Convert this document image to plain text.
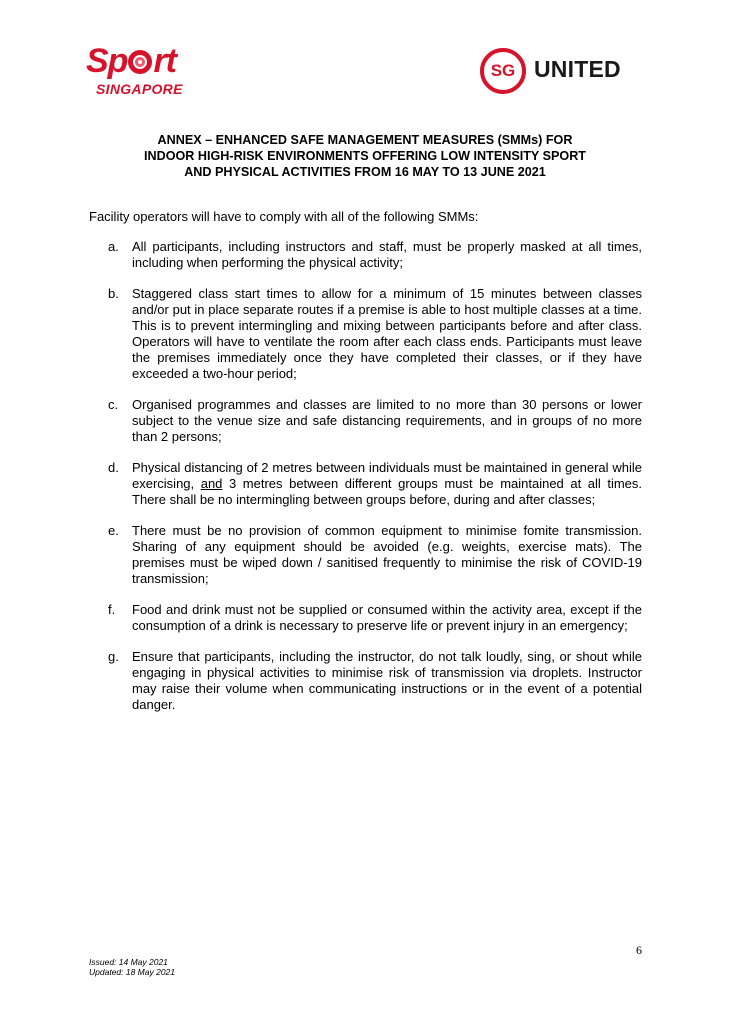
Sp rt
SINGAPORE
SG UNITED
ANNEX – ENHANCED SAFE MANAGEMENT MEASURES (SMMs) FOR
INDOOR HIGH-RISK ENVIRONMENTS OFFERING LOW INTENSITY SPORT
AND PHYSICAL ACTIVITIES FROM 16 MAY TO 13 JUNE 2021
Facility operators will have to comply with all of the following SMMs:
a. All participants, including instructors and staff, must be properly masked at all times, including when performing the physical activity;
b. Staggered class start times to allow for a minimum of 15 minutes between classes and/or put in place separate routes if a premise is able to host multiple classes at a time. This is to prevent intermingling and mixing between participants before and after class. Operators will have to ventilate the room after each class ends. Participants must leave the premises immediately once they have completed their classes, or if they have exceeded a two-hour period;
c. Organised programmes and classes are limited to no more than 30 persons or lower subject to the venue size and safe distancing requirements, and in groups of no more than 2 persons;
d. Physical distancing of 2 metres between individuals must be maintained in general while exercising, and 3 metres between different groups must be maintained at all times. There shall be no intermingling between groups before, during and after classes;
e. There must be no provision of common equipment to minimise fomite transmission. Sharing of any equipment should be avoided (e.g. weights, exercise mats). The premises must be wiped down / sanitised frequently to minimise the risk of COVID-19 transmission;
f. Food and drink must not be supplied or consumed within the activity area, except if the consumption of a drink is necessary to preserve life or prevent injury in an emergency;
g. Ensure that participants, including the instructor, do not talk loudly, sing, or shout while engaging in physical activities to minimise risk of transmission via droplets. Instructor may raise their volume when communicating instructions or in the event of a potential danger.
6
Issued: 14 May 2021
Updated: 18 May 2021
